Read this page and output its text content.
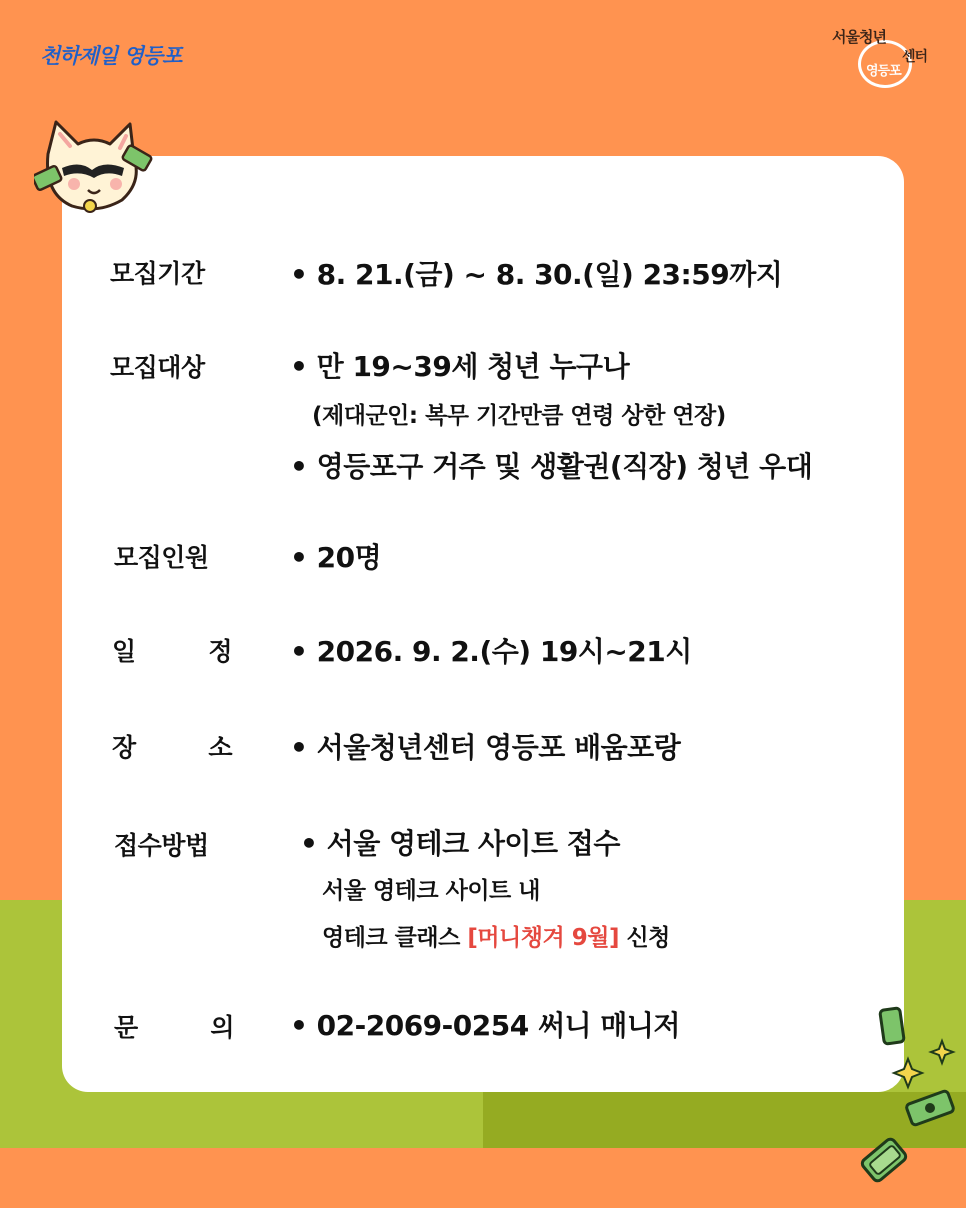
천하제일 영등포
서울청년
센터
영등포
모집기간	• 8. 21.(금) ~ 8. 30.(일) 23:59까지
모집대상	• 만 19~39세 청년 누구나
(제대군인: 복무 기간만큼 연령 상한 연장)
• 영등포구 거주 및 생활권(직장) 청년 우대
모집인원	• 20명
일	정 • 2026. 9. 2.(수) 19시~21시
장	소 • 서울청년센터 영등포 배움포랑
접수방법	• 서울 영테크 사이트 접수
서울 영테크 사이트 내
영테크 클래스 [머니챙겨 9월] 신청
문	의 • 02-2069-0254 써니 매니저
